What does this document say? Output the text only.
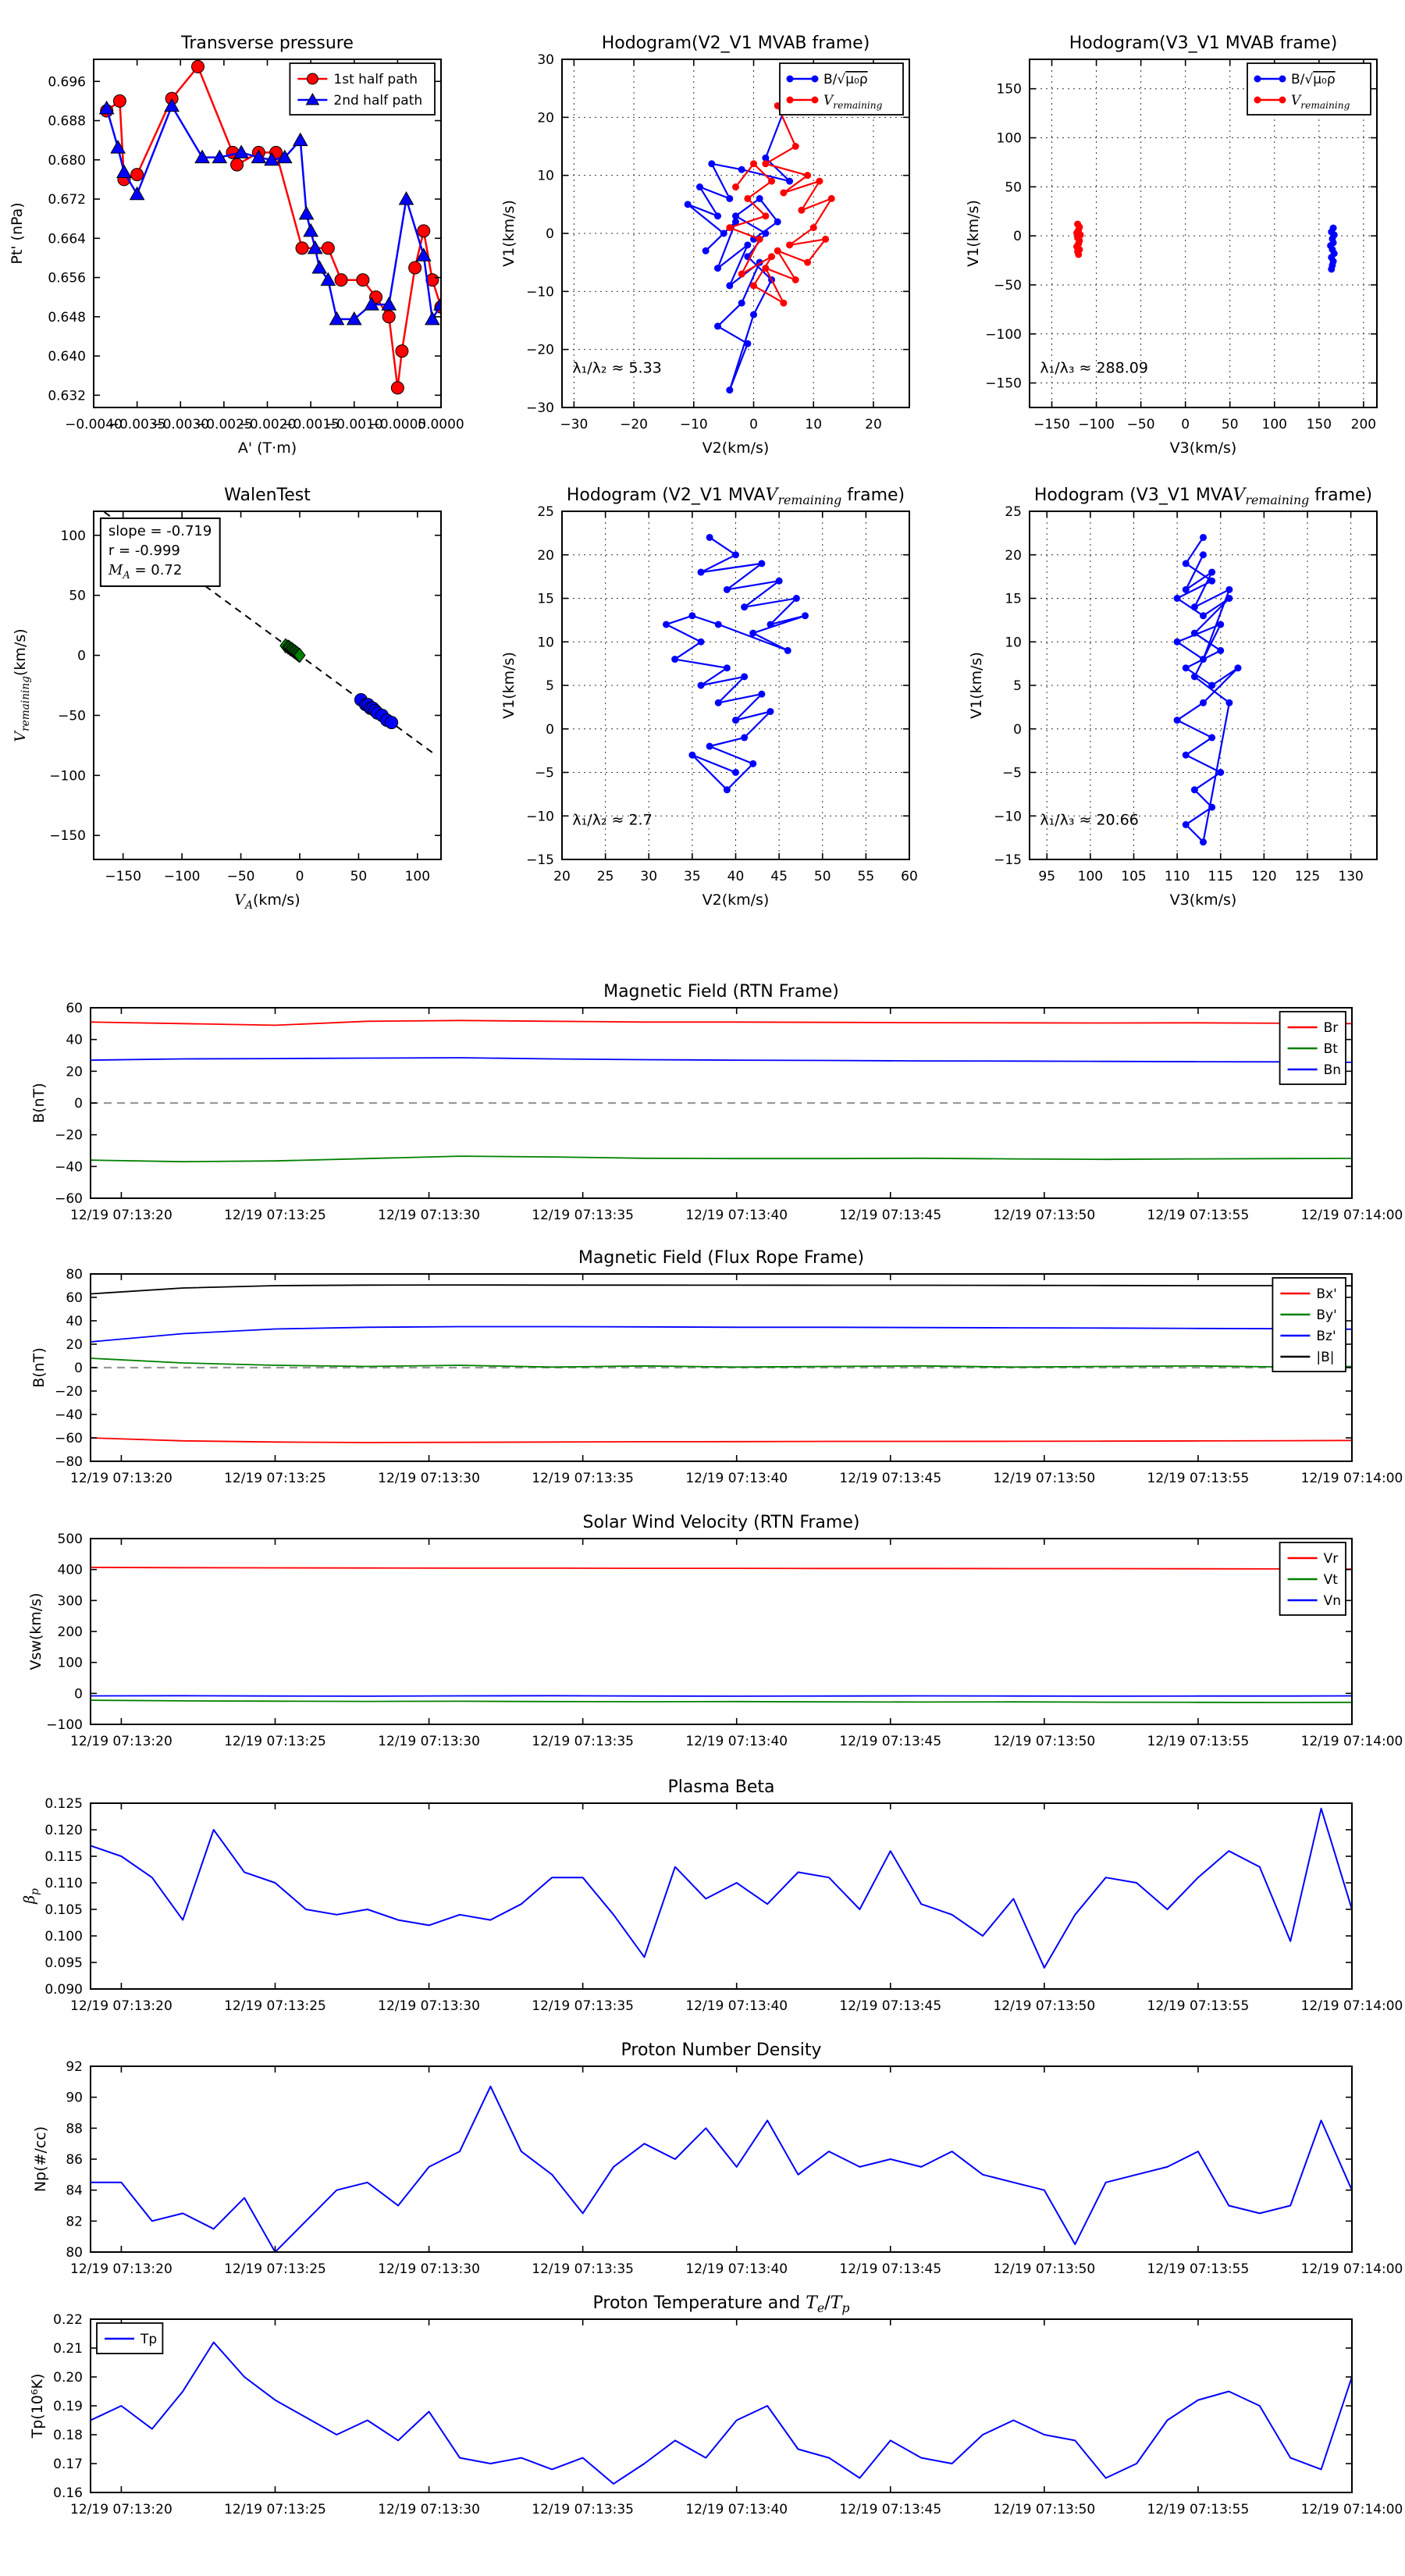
−0.0040
−0.0035
−0.0030
−0.0025
−0.0020
−0.0015
−0.0010
−0.0005
0.0000
0.696
0.688
0.680
0.672
0.664
0.656
0.648
0.640
0.632
Transverse pressure
A' (T·m)
Pt' (nPa)
1st half path
2nd half path
−30 −20 −10	0	10	20
30
20
10
0
−10
−20
−30
Hodogram(V2_V1 MVAB frame)
V2(km/s)
V1(km/s)
B/√μ₀ρ
$V_{remaining}$
λ₁/λ₂ ≈ 5.33
−150 −100 −50 0 50 100 150 200
150
100
50
0
−50
−100
−150
Hodogram(V3_V1 MVAB frame)
V3(km/s)
V1(km/s)
B/√μ₀ρ
$V_{remaining}$
λ₁/λ₃ ≈ 288.09
−150 −100 −50	0	50	100
100
50
0
−50
−100
−150
WalenTest
$V_A(km/s)$
$V_{remaining}(km/s)$
slope = -0.719
r = -0.999
$M_A = 0.72$
20 25 30 35 40 45 50 55 60
25
20
15
10
5
0
−5
−10
−15
Hodogram (V2_V1 $MVAV_{remaining}$ frame)
V2(km/s)
V1(km/s)
λ₁/λ₂ ≈ 2.7
95 100 105 110 115 120 125 130
25
20
15
10
5
0
−5
−10
−15
Hodogram (V3_V1 $MVAV_{remaining}$ frame)
V3(km/s)
V1(km/s)
λ₁/λ₃ ≈ 20.66
12/19 07:13:20	12/19 07:13:25	12/19 07:13:30	12/19 07:13:35	12/19 07:13:40	12/19 07:13:45	12/19 07:13:50	12/19 07:13:55	12/19 07:14:00
60
40
20
0
−20
−40
−60
Magnetic Field (RTN Frame)
B(nT)
Br
Bt
Bn
12/19 07:13:20	12/19 07:13:25	12/19 07:13:30	12/19 07:13:35	12/19 07:13:40	12/19 07:13:45	12/19 07:13:50	12/19 07:13:55	12/19 07:14:00
80
60
40
20
0
−20
−40
−60
−80
Magnetic Field (Flux Rope Frame)
B(nT)
Bx'
By'
Bz'
|B|
12/19 07:13:20	12/19 07:13:25	12/19 07:13:30	12/19 07:13:35	12/19 07:13:40	12/19 07:13:45	12/19 07:13:50	12/19 07:13:55	12/19 07:14:00
500
400
300
200
100
0
−100
Solar Wind Velocity (RTN Frame)
Vsw(km/s)
Vr
Vt
Vn
12/19 07:13:20	12/19 07:13:25	12/19 07:13:30	12/19 07:13:35	12/19 07:13:40	12/19 07:13:45	12/19 07:13:50	12/19 07:13:55	12/19 07:14:00
0.125
0.120
0.115
0.110
0.105
0.100
0.095
0.090
Plasma Beta
$\beta_p$
12/19 07:13:20	12/19 07:13:25	12/19 07:13:30	12/19 07:13:35	12/19 07:13:40	12/19 07:13:45	12/19 07:13:50	12/19 07:13:55	12/19 07:14:00
92
90
88
86
84
82
80
Proton Number Density
Np(#/cc)
12/19 07:13:20	12/19 07:13:25	12/19 07:13:30	12/19 07:13:35	12/19 07:13:40	12/19 07:13:45	12/19 07:13:50	12/19 07:13:55	12/19 07:14:00
0.22
0.21
0.20
0.19
0.18
0.17
0.16
Proton Temperature and $T_e/T_p$
Tp(10⁶K)
Tp
